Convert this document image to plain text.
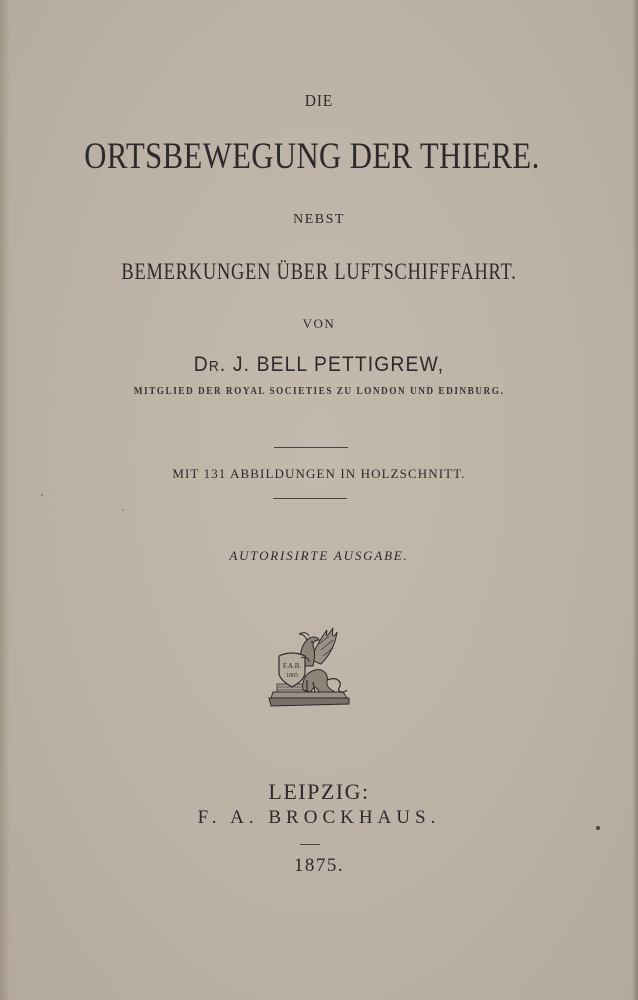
DIE
ORTSBEWEGUNG DER THIERE.
NEBST
BEMERKUNGEN ÜBER LUFTSCHIFFFAHRT.
VON
DR. J. BELL PETTIGREW,
MITGLIED DER ROYAL SOCIETIES ZU LONDON UND EDINBURG.
MIT 131 ABBILDUNGEN IN HOLZSCHNITT.
AUTORISIRTE AUSGABE.
F.A.B.
1805
LEIPZIG:
F. A. BROCKHAUS.
1875.
